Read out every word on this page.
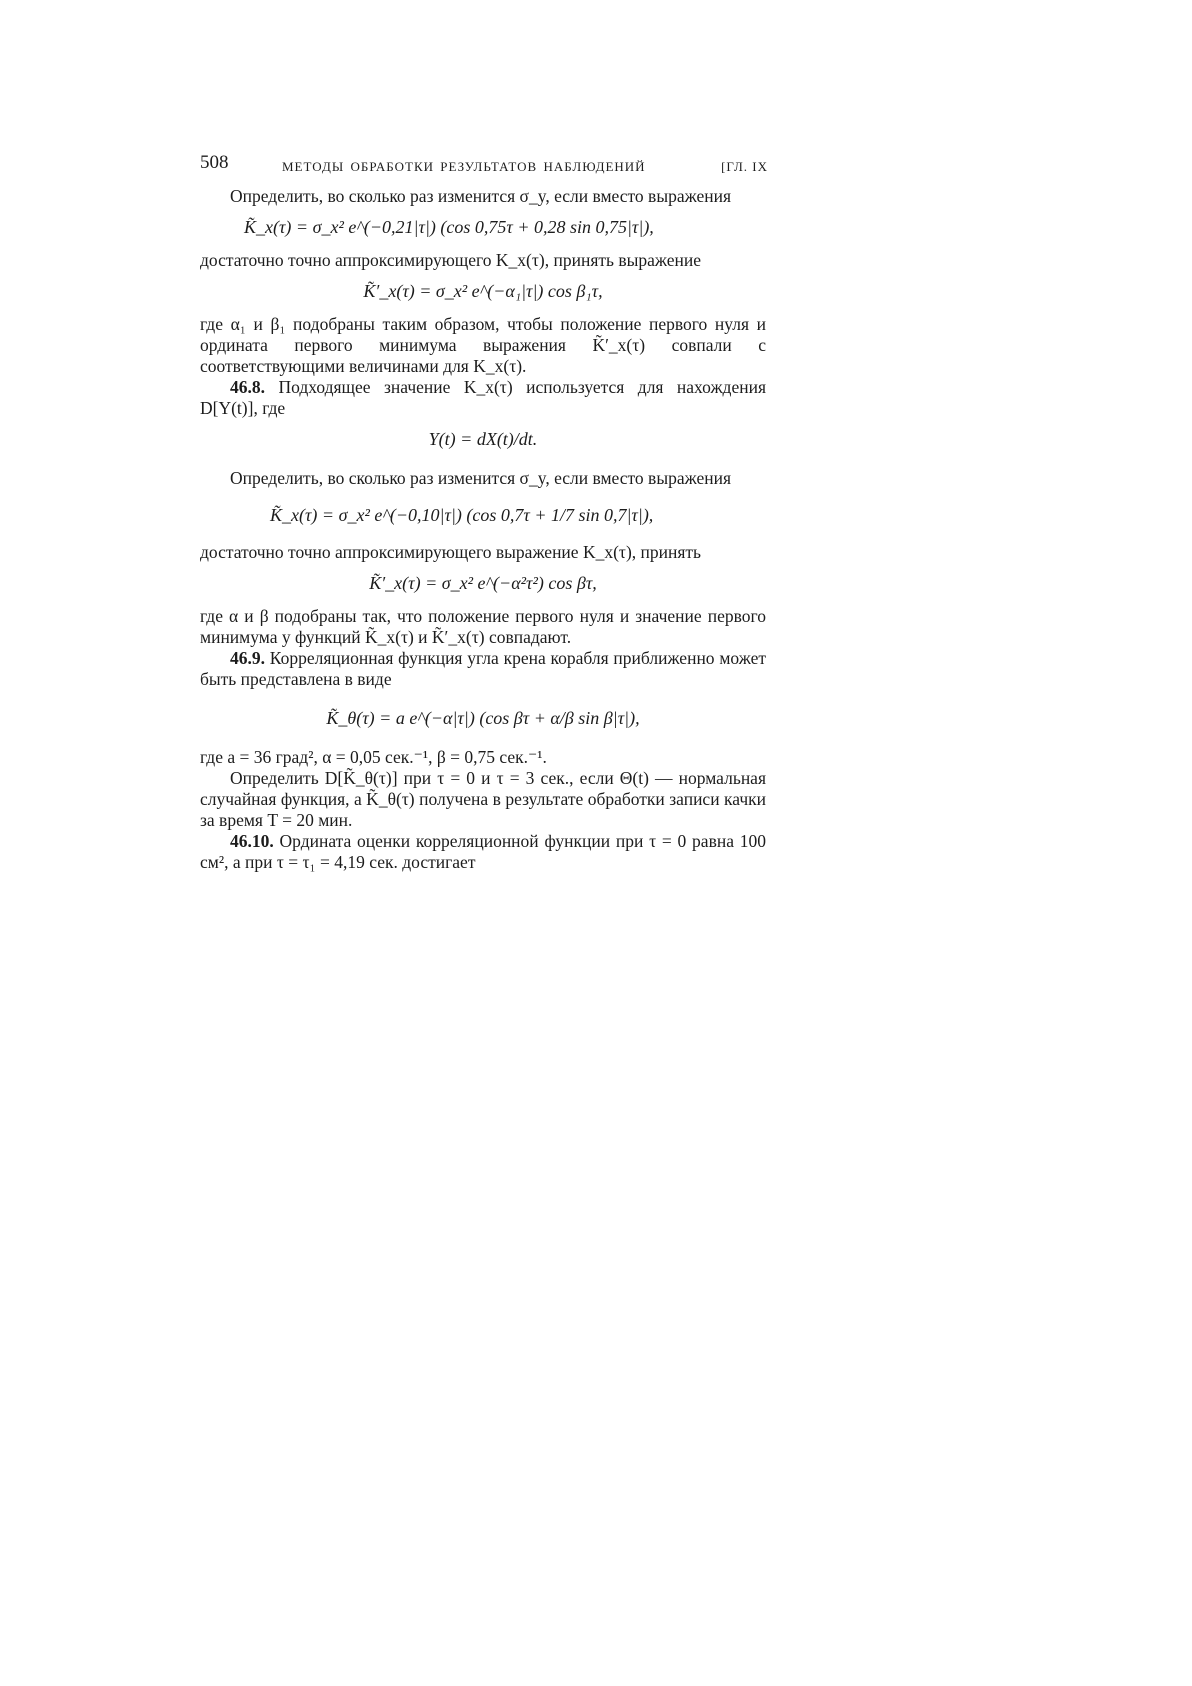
508	МЕТОДЫ ОБРАБОТКИ РЕЗУЛЬТАТОВ НАБЛЮДЕНИЙ	[ГЛ. IX

Определить, во сколько раз изменится σ_y, если вместо выражения

K̃_x(τ) = σ_x² e^(−0,21|τ|) (cos 0,75τ + 0,28 sin 0,75|τ|),

достаточно точно аппроксимирующего K_x(τ), принять выражение

K̃′_x(τ) = σ_x² e^(−α₁|τ|) cos β₁τ,

где α₁ и β₁ подобраны таким образом, чтобы положение первого нуля и ордината первого минимума выражения K̃′_x(τ) совпали с соответствующими величинами для K_x(τ).

46.8. Подходящее значение K_x(τ) используется для нахождения D[Y(t)], где

Y(t) = dX(t)/dt.

Определить, во сколько раз изменится σ_y, если вместо выражения

K̃_x(τ) = σ_x² e^(−0,10|τ|) (cos 0,7τ + 1/7 sin 0,7|τ|),

достаточно точно аппроксимирующего выражение K_x(τ), принять

K̃′_x(τ) = σ_x² e^(−α²τ²) cos βτ,

где α и β подобраны так, что положение первого нуля и значение первого минимума у функций K̃_x(τ) и K̃′_x(τ) совпадают.

46.9. Корреляционная функция угла крена корабля приближенно может быть представлена в виде

K̃_θ(τ) = a e^(−α|τ|) (cos βτ + α/β sin β|τ|),

где a = 36 град², α = 0,05 сек.⁻¹, β = 0,75 сек.⁻¹.

Определить D[K̃_θ(τ)] при τ = 0 и τ = 3 сек., если Θ(t) — нормальная случайная функция, а K̃_θ(τ) получена в результате обработки записи качки за время T = 20 мин.

46.10. Ордината оценки корреляционной функции при τ = 0 равна 100 см², а при τ = τ₁ = 4,19 сек. достигает
